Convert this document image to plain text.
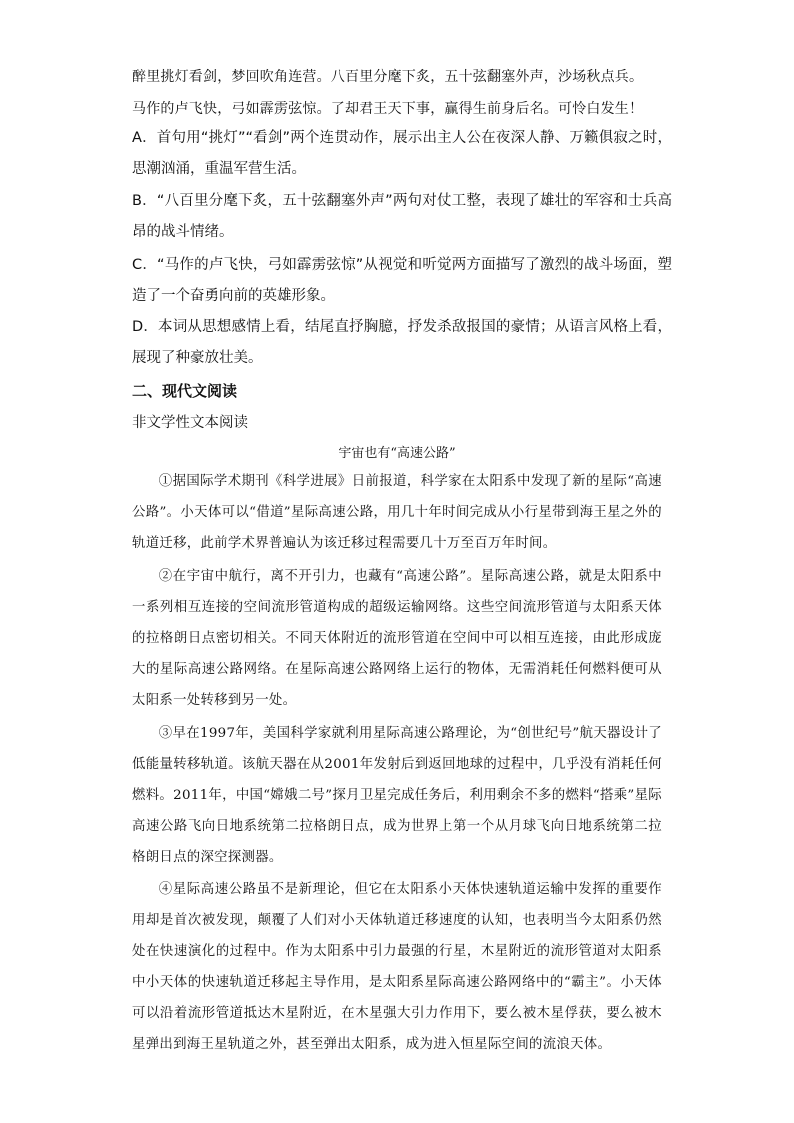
醉里挑灯看剑，梦回吹角连营。八百里分麾下炙，五十弦翻塞外声，沙场秋点兵。
马作的卢飞快，弓如霹雳弦惊。了却君王天下事，赢得生前身后名。可怜白发生！
A．首句用“挑灯”“看剑”两个连贯动作，展示出主人公在夜深人静、万籁俱寂之时，思潮汹涌，重温军营生活。
B．“八百里分麾下炙，五十弦翻塞外声”两句对仗工整，表现了雄壮的军容和士兵高昂的战斗情绪。
C．“马作的卢飞快，弓如霹雳弦惊”从视觉和听觉两方面描写了激烈的战斗场面，塑造了一个奋勇向前的英雄形象。
D．本词从思想感情上看，结尾直抒胸臆，抒发杀敌报国的豪情；从语言风格上看，展现了种豪放壮美。
二、现代文阅读
非文学性文本阅读
宇宙也有“高速公路”
①据国际学术期刊《科学进展》日前报道，科学家在太阳系中发现了新的星际“高速公路”。小天体可以“借道”星际高速公路，用几十年时间完成从小行星带到海王星之外的轨道迁移，此前学术界普遍认为该迁移过程需要几十万至百万年时间。
②在宇宙中航行，离不开引力，也藏有“高速公路”。星际高速公路，就是太阳系中一系列相互连接的空间流形管道构成的超级运输网络。这些空间流形管道与太阳系天体的拉格朗日点密切相关。不同天体附近的流形管道在空间中可以相互连接，由此形成庞大的星际高速公路网络。在星际高速公路网络上运行的物体，无需消耗任何燃料便可从太阳系一处转移到另一处。
③早在1997年，美国科学家就利用星际高速公路理论，为“创世纪号”航天器设计了低能量转移轨道。该航天器在从2001年发射后到返回地球的过程中，几乎没有消耗任何燃料。2011年，中国“嫦娥二号”探月卫星完成任务后，利用剩余不多的燃料“搭乘”星际高速公路飞向日地系统第二拉格朗日点，成为世界上第一个从月球飞向日地系统第二拉格朗日点的深空探测器。
④星际高速公路虽不是新理论，但它在太阳系小天体快速轨道运输中发挥的重要作用却是首次被发现，颠覆了人们对小天体轨道迁移速度的认知，也表明当今太阳系仍然处在快速演化的过程中。作为太阳系中引力最强的行星，木星附近的流形管道对太阳系中小天体的快速轨道迁移起主导作用，是太阳系星际高速公路网络中的“霸主”。小天体可以沿着流形管道抵达木星附近，在木星强大引力作用下，要么被木星俘获，要么被木星弹出到海王星轨道之外，甚至弹出太阳系，成为进入恒星际空间的流浪天体。
